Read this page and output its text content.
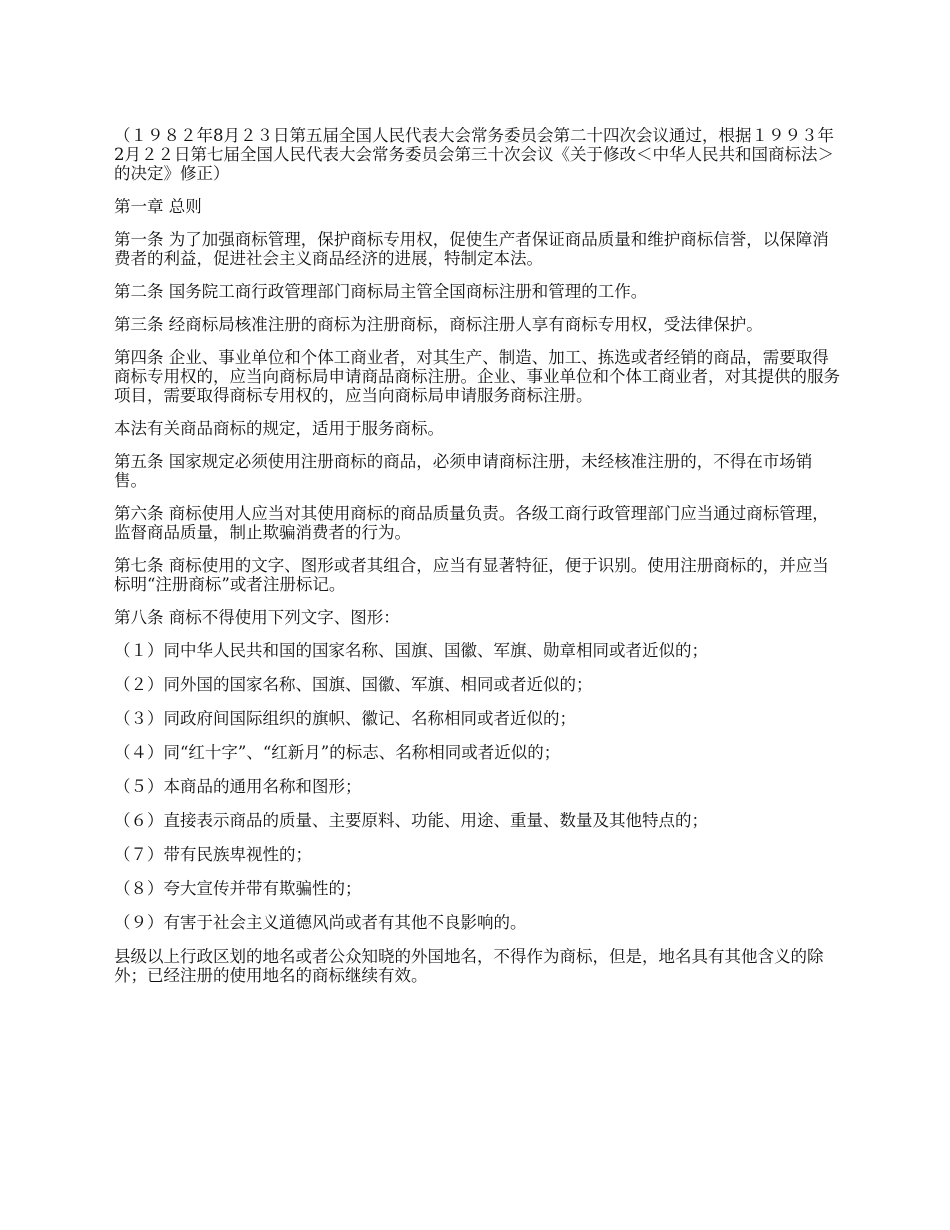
（１９８２年8月２３日第五届全国人民代表大会常务委员会第二十四次会议通过，根据１９９３年2月２２日第七届全国人民代表大会常务委员会第三十次会议《关于修改＜中华人民共和国商标法＞的决定》修正）

第一章 总则

第一条 为了加强商标管理，保护商标专用权，促使生产者保证商品质量和维护商标信誉，以保障消费者的利益，促进社会主义商品经济的进展，特制定本法。

第二条 国务院工商行政管理部门商标局主管全国商标注册和管理的工作。

第三条 经商标局核准注册的商标为注册商标，商标注册人享有商标专用权，受法律保护。

第四条 企业、事业单位和个体工商业者，对其生产、制造、加工、拣选或者经销的商品，需要取得商标专用权的，应当向商标局申请商品商标注册。企业、事业单位和个体工商业者，对其提供的服务项目，需要取得商标专用权的，应当向商标局申请服务商标注册。

本法有关商品商标的规定，适用于服务商标。

第五条 国家规定必须使用注册商标的商品，必须申请商标注册，未经核准注册的，不得在市场销售。

第六条 商标使用人应当对其使用商标的商品质量负责。各级工商行政管理部门应当通过商标管理，监督商品质量，制止欺骗消费者的行为。

第七条 商标使用的文字、图形或者其组合，应当有显著特征，便于识别。使用注册商标的，并应当标明“注册商标”或者注册标记。

第八条 商标不得使用下列文字、图形：

（１）同中华人民共和国的国家名称、国旗、国徽、军旗、勋章相同或者近似的；

（２）同外国的国家名称、国旗、国徽、军旗、相同或者近似的；

（３）同政府间国际组织的旗帜、徽记、名称相同或者近似的；

（４）同“红十字”、“红新月”的标志、名称相同或者近似的；

（５）本商品的通用名称和图形；

（６）直接表示商品的质量、主要原料、功能、用途、重量、数量及其他特点的；

（７）带有民族卑视性的；

（８）夸大宣传并带有欺骗性的；

（９）有害于社会主义道德风尚或者有其他不良影响的。

县级以上行政区划的地名或者公众知晓的外国地名，不得作为商标，但是，地名具有其他含义的除外；已经注册的使用地名的商标继续有效。
